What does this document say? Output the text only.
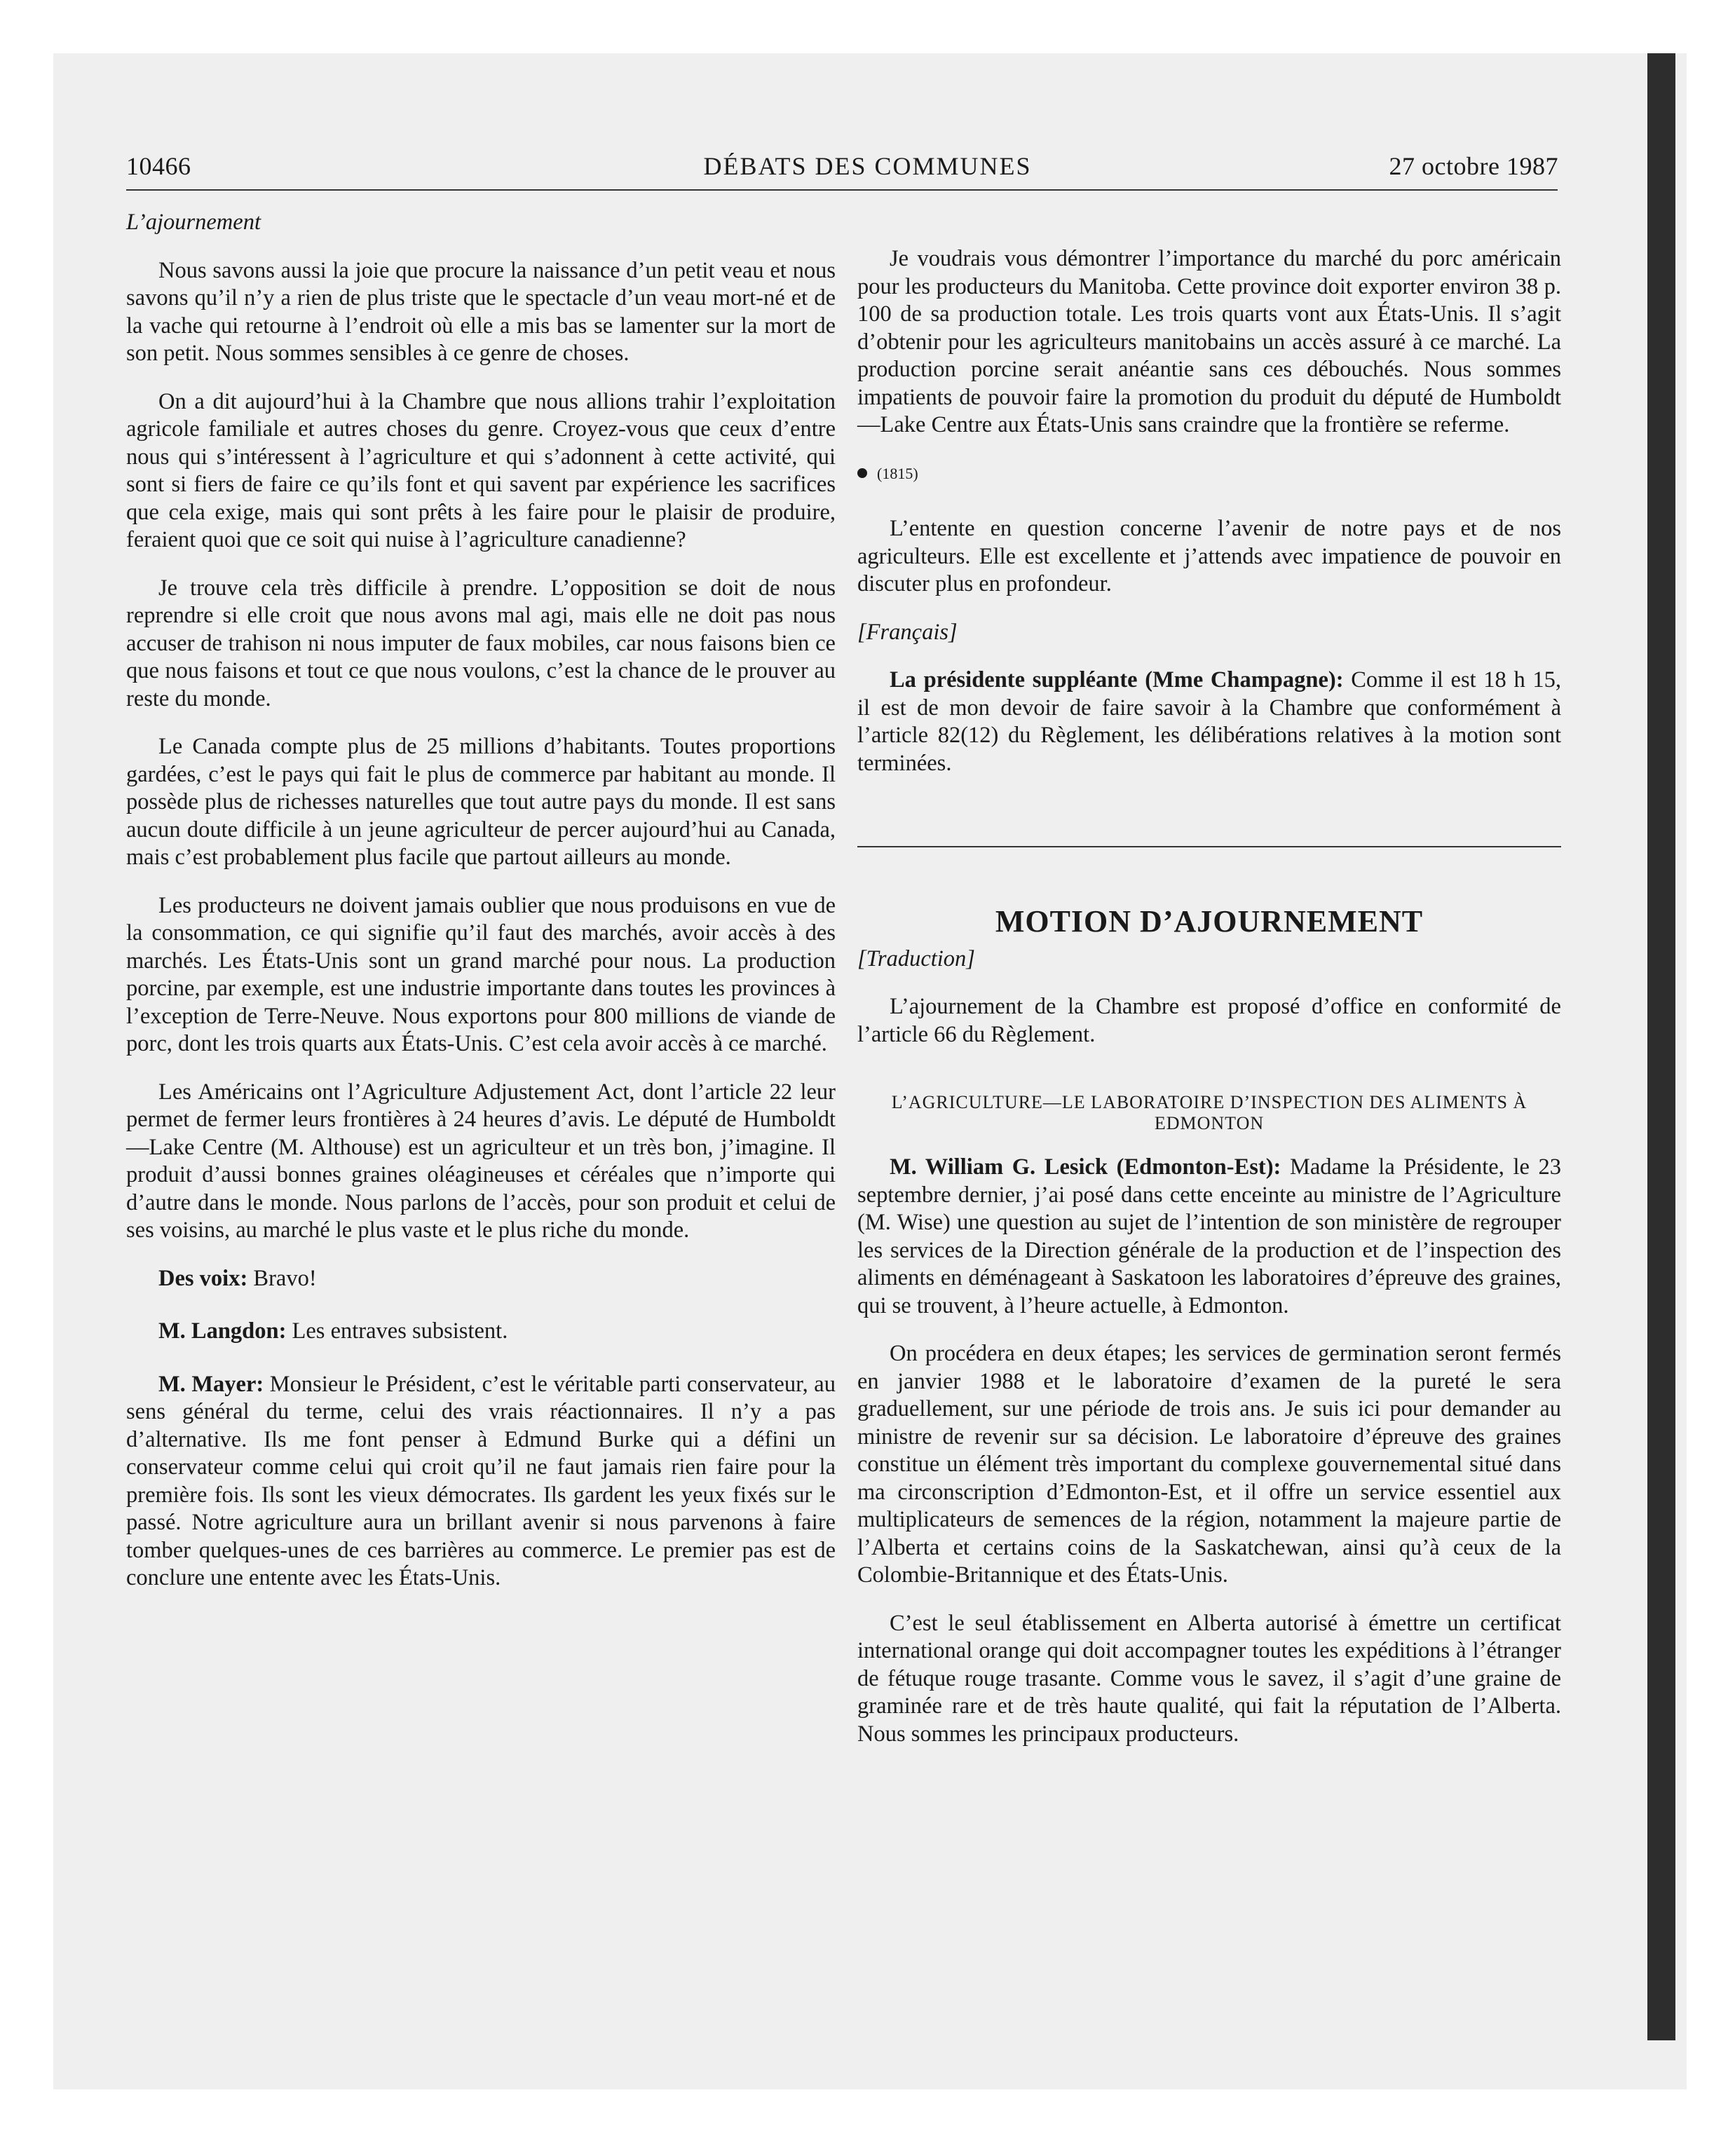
10466	DÉBATS DES COMMUNES	27 octobre 1987

L’ajournement

Nous savons aussi la joie que procure la naissance d’un petit veau et nous savons qu’il n’y a rien de plus triste que le spectacle d’un veau mort-né et de la vache qui retourne à l’endroit où elle a mis bas se lamenter sur la mort de son petit. Nous sommes sensibles à ce genre de choses.

On a dit aujourd’hui à la Chambre que nous allions trahir l’exploitation agricole familiale et autres choses du genre. Croyez-vous que ceux d’entre nous qui s’intéressent à l’agriculture et qui s’adonnent à cette activité, qui sont si fiers de faire ce qu’ils font et qui savent par expérience les sacrifices que cela exige, mais qui sont prêts à les faire pour le plaisir de produire, feraient quoi que ce soit qui nuise à l’agriculture canadienne?

Je trouve cela très difficile à prendre. L’opposition se doit de nous reprendre si elle croit que nous avons mal agi, mais elle ne doit pas nous accuser de trahison ni nous imputer de faux mobiles, car nous faisons bien ce que nous faisons et tout ce que nous voulons, c’est la chance de le prouver au reste du monde.

Le Canada compte plus de 25 millions d’habitants. Toutes proportions gardées, c’est le pays qui fait le plus de commerce par habitant au monde. Il possède plus de richesses naturelles que tout autre pays du monde. Il est sans aucun doute difficile à un jeune agriculteur de percer aujourd’hui au Canada, mais c’est probablement plus facile que partout ailleurs au monde.

Les producteurs ne doivent jamais oublier que nous produisons en vue de la consommation, ce qui signifie qu’il faut des marchés, avoir accès à des marchés. Les États-Unis sont un grand marché pour nous. La production porcine, par exemple, est une industrie importante dans toutes les provinces à l’exception de Terre-Neuve. Nous exportons pour 800 millions de viande de porc, dont les trois quarts aux États-Unis. C’est cela avoir accès à ce marché.

Les Américains ont l’Agriculture Adjustement Act, dont l’article 22 leur permet de fermer leurs frontières à 24 heures d’avis. Le député de Humboldt—Lake Centre (M. Althouse) est un agriculteur et un très bon, j’imagine. Il produit d’aussi bonnes graines oléagineuses et céréales que n’importe qui d’autre dans le monde. Nous parlons de l’accès, pour son produit et celui de ses voisins, au marché le plus vaste et le plus riche du monde.

Des voix: Bravo!

M. Langdon: Les entraves subsistent.

M. Mayer: Monsieur le Président, c’est le véritable parti conservateur, au sens général du terme, celui des vrais réactionnaires. Il n’y a pas d’alternative. Ils me font penser à Edmund Burke qui a défini un conservateur comme celui qui croit qu’il ne faut jamais rien faire pour la première fois. Ils sont les vieux démocrates. Ils gardent les yeux fixés sur le passé. Notre agriculture aura un brillant avenir si nous parvenons à faire tomber quelques-unes de ces barrières au commerce. Le premier pas est de conclure une entente avec les États-Unis.

Je voudrais vous démontrer l’importance du marché du porc américain pour les producteurs du Manitoba. Cette province doit exporter environ 38 p. 100 de sa production totale. Les trois quarts vont aux États-Unis. Il s’agit d’obtenir pour les agriculteurs manitobains un accès assuré à ce marché. La production porcine serait anéantie sans ces débouchés. Nous sommes impatients de pouvoir faire la promotion du produit du député de Humboldt—Lake Centre aux États-Unis sans craindre que la frontière se referme.

(1815)

L’entente en question concerne l’avenir de notre pays et de nos agriculteurs. Elle est excellente et j’attends avec impatience de pouvoir en discuter plus en profondeur.

[Français]

La présidente suppléante (Mme Champagne): Comme il est 18 h 15, il est de mon devoir de faire savoir à la Chambre que conformément à l’article 82(12) du Règlement, les délibérations relatives à la motion sont terminées.

MOTION D’AJOURNEMENT

[Traduction]

L’ajournement de la Chambre est proposé d’office en conformité de l’article 66 du Règlement.

L’AGRICULTURE—LE LABORATOIRE D’INSPECTION DES ALIMENTS À EDMONTON

M. William G. Lesick (Edmonton-Est): Madame la Présidente, le 23 septembre dernier, j’ai posé dans cette enceinte au ministre de l’Agriculture (M. Wise) une question au sujet de l’intention de son ministère de regrouper les services de la Direction générale de la production et de l’inspection des aliments en déménageant à Saskatoon les laboratoires d’épreuve des graines, qui se trouvent, à l’heure actuelle, à Edmonton.

On procédera en deux étapes; les services de germination seront fermés en janvier 1988 et le laboratoire d’examen de la pureté le sera graduellement, sur une période de trois ans. Je suis ici pour demander au ministre de revenir sur sa décision. Le laboratoire d’épreuve des graines constitue un élément très important du complexe gouvernemental situé dans ma circonscription d’Edmonton-Est, et il offre un service essentiel aux multiplicateurs de semences de la région, notamment la majeure partie de l’Alberta et certains coins de la Saskatchewan, ainsi qu’à ceux de la Colombie-Britannique et des États-Unis.

C’est le seul établissement en Alberta autorisé à émettre un certificat international orange qui doit accompagner toutes les expéditions à l’étranger de fétuque rouge trasante. Comme vous le savez, il s’agit d’une graine de graminée rare et de très haute qualité, qui fait la réputation de l’Alberta. Nous sommes les principaux producteurs.
